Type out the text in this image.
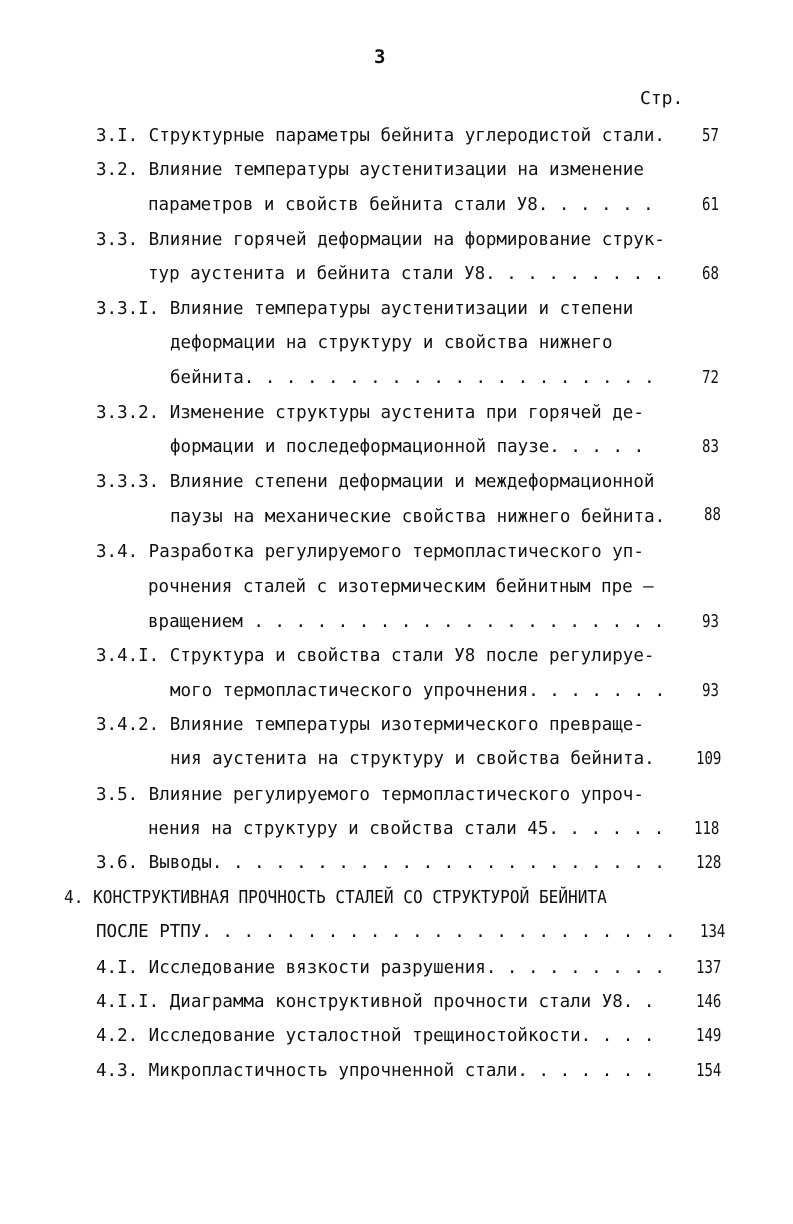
3
Стр.
3.I. Структурные параметры бейнита углеродистой стали. 57
3.2. Влияние температуры аустенитизации на изменение
параметров и свойств бейнита стали У8. . . . . .	61
3.3. Влияние горячей деформации на формирование струк-
тур аустенита и бейнита стали У8. . . . . . . . . 68
3.3.I. Влияние температуры аустенитизации и степени
деформации на структуру и свойства нижнего
бейнита. . . . . . . . . . . . . . . . . . . .	72
3.3.2. Изменение структуры аустенита при горячей де-
формации и последеформационной паузе. . . . .	83
3.3.3. Влияние степени деформации и междеформационной
паузы на механические свойства нижнего бейнита. 88
3.4. Разработка регулируемого термопластического уп-
рочнения сталей с изотермическим бейнитным пре –
вращением . . . . . . . . . . . . . . . . . . . . 93
3.4.I. Структура и свойства стали У8 после регулируе-
мого термопластического упрочнения. . . . . . . 93
3.4.2. Влияние температуры изотермического превраще-
ния аустенита на структуру и свойства бейнита. 109
3.5. Влияние регулируемого термопластического упроч-
нения на структуру и свойства стали 45. . . . . . 118
3.6. Выводы. . . . . . . . . . . . . . . . . . . . . . 128
4. КОНСТРУКТИВНАЯ ПРОЧНОСТЬ СТАЛЕЙ СО СТРУКТУРОЙ БЕЙНИТА
ПОСЛЕ РТПУ. . . . . . . . . . . . . . . . . . . . . . . 134
4.I. Исследование вязкости разрушения. . . . . . . . . 137
4.I.I. Диаграмма конструктивной прочности стали У8. . 146
4.2. Исследование усталостной трещиностойкости. . . . 149
4.3. Микропластичность упрочненной стали. . . . . . . 154
